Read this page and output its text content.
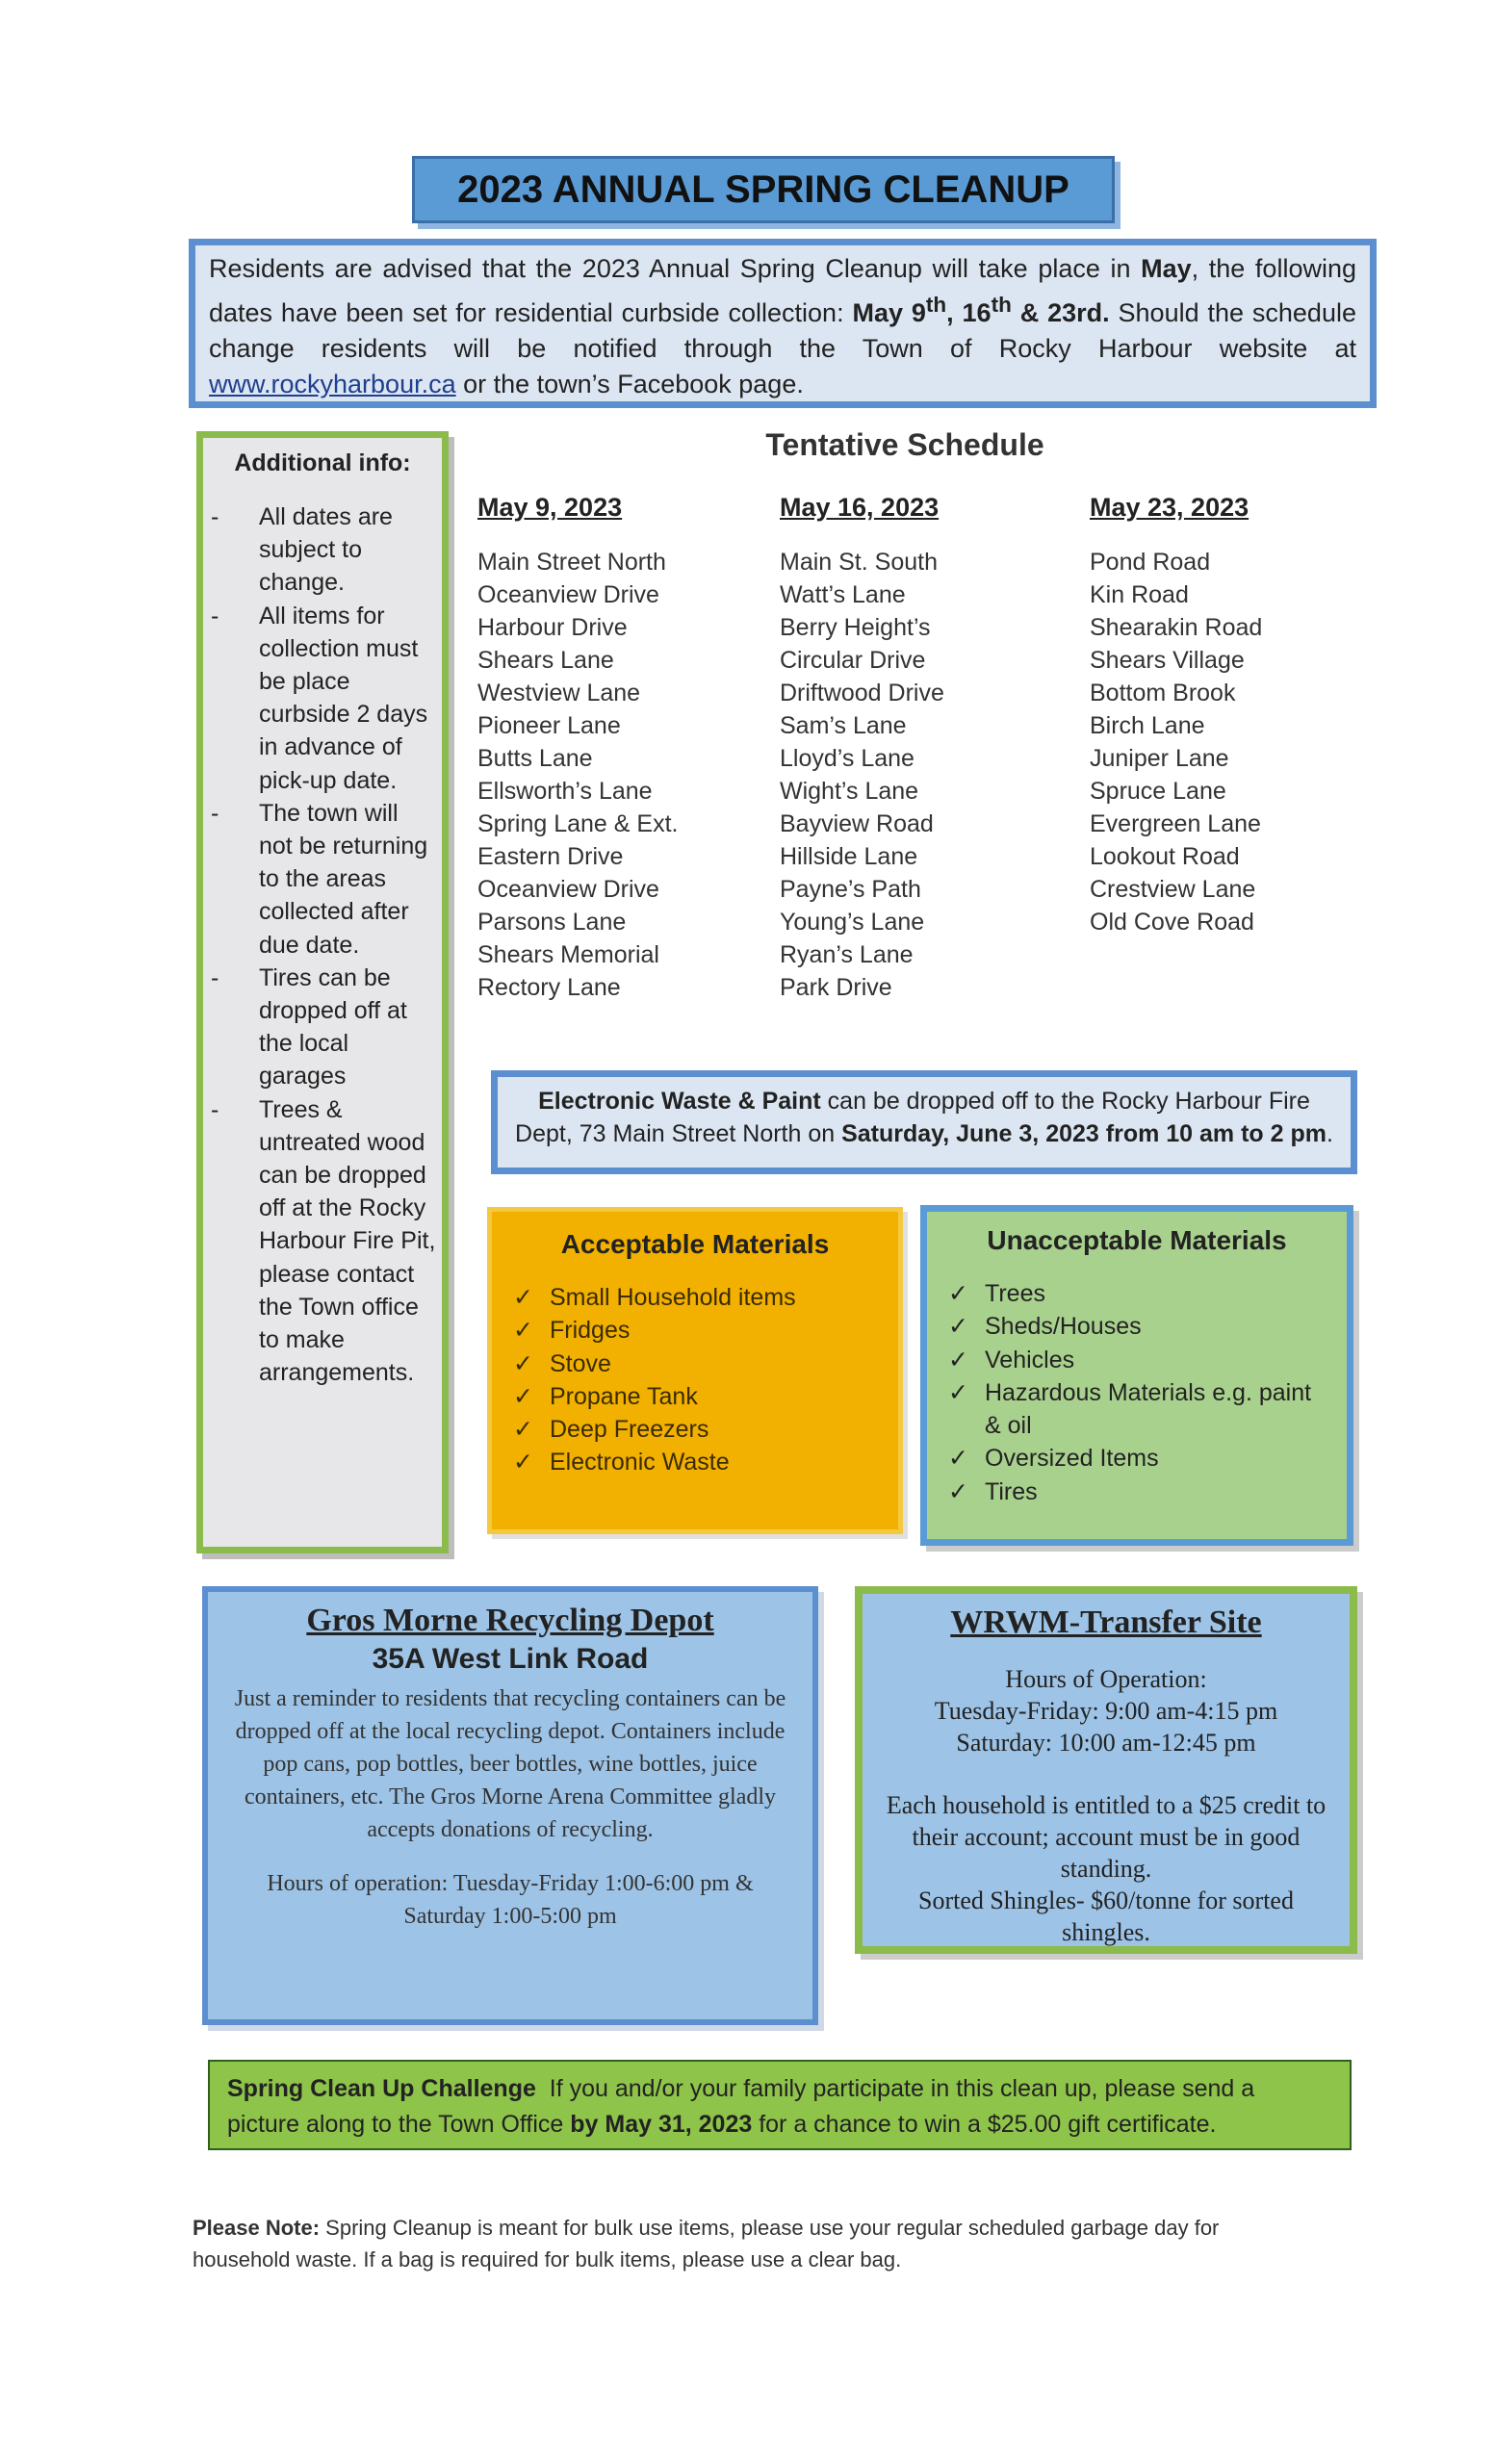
2023 ANNUAL SPRING CLEANUP
Residents are advised that the 2023 Annual Spring Cleanup will take place in May, the following dates have been set for residential curbside collection: May 9th, 16th & 23rd. Should the schedule change residents will be notified through the Town of Rocky Harbour website at www.rockyharbour.ca or the town’s Facebook page.
Additional info:
- All dates are subject to change.
- All items for collection must be place curbside 2 days in advance of pick-up date.
- The town will not be returning to the areas collected after due date.
- Tires can be dropped off at the local garages
- Trees & untreated wood can be dropped off at the Rocky Harbour Fire Pit, please contact the Town office to make arrangements.
Tentative Schedule
May 9, 2023
Main Street North
Oceanview Drive
Harbour Drive
Shears Lane
Westview Lane
Pioneer Lane
Butts Lane
Ellsworth’s Lane
Spring Lane & Ext.
Eastern Drive
Oceanview Drive
Parsons Lane
Shears Memorial
Rectory Lane
May 16, 2023
Main St. South
Watt’s Lane
Berry Height’s
Circular Drive
Driftwood Drive
Sam’s Lane
Lloyd’s Lane
Wight’s Lane
Bayview Road
Hillside Lane
Payne’s Path
Young’s Lane
Ryan’s Lane
Park Drive
May 23, 2023
Pond Road
Kin Road
Shearakin Road
Shears Village
Bottom Brook
Birch Lane
Juniper Lane
Spruce Lane
Evergreen Lane
Lookout Road
Crestview Lane
Old Cove Road
Electronic Waste & Paint can be dropped off to the Rocky Harbour Fire Dept, 73 Main Street North on Saturday, June 3, 2023 from 10 am to 2 pm.
Acceptable Materials
✓ Small Household items
✓ Fridges
✓ Stove
✓ Propane Tank
✓ Deep Freezers
✓ Electronic Waste
Unacceptable Materials
✓ Trees
✓ Sheds/Houses
✓ Vehicles
✓ Hazardous Materials e.g. paint & oil
✓ Oversized Items
✓ Tires
Gros Morne Recycling Depot
35A West Link Road
Just a reminder to residents that recycling containers can be dropped off at the local recycling depot. Containers include pop cans, pop bottles, beer bottles, wine bottles, juice containers, etc. The Gros Morne Arena Committee gladly accepts donations of recycling.
Hours of operation: Tuesday-Friday 1:00-6:00 pm & Saturday 1:00-5:00 pm
WRWM-Transfer Site
Hours of Operation:
Tuesday-Friday: 9:00 am-4:15 pm
Saturday: 10:00 am-12:45 pm
Each household is entitled to a $25 credit to their account; account must be in good standing.
Sorted Shingles- $60/tonne for sorted shingles.
Spring Clean Up Challenge  If you and/or your family participate in this clean up, please send a picture along to the Town Office by May 31, 2023 for a chance to win a $25.00 gift certificate.
Please Note: Spring Cleanup is meant for bulk use items, please use your regular scheduled garbage day for household waste. If a bag is required for bulk items, please use a clear bag.
